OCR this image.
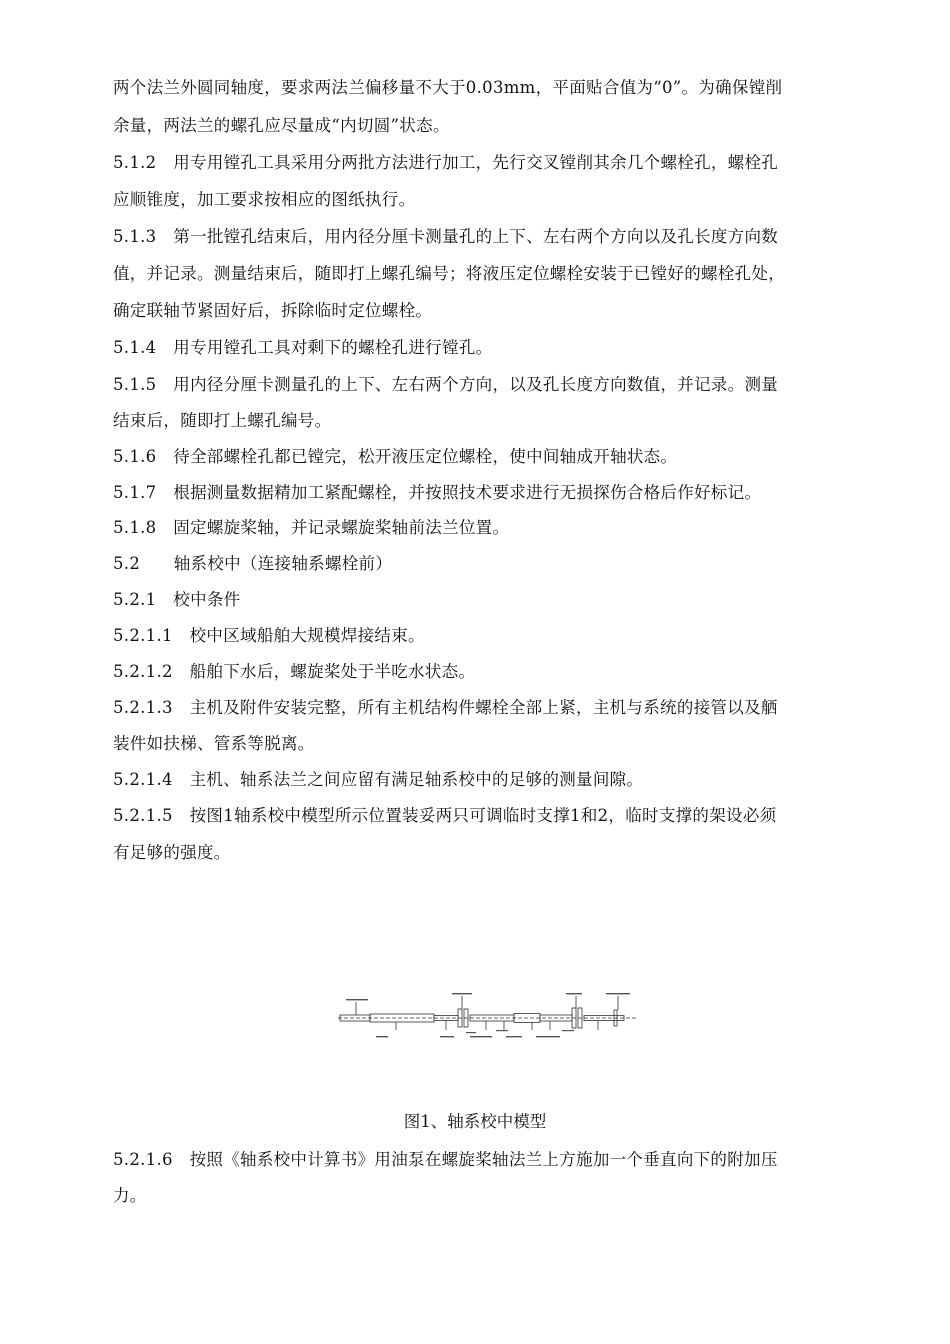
两个法兰外圆同轴度，要求两法兰偏移量不大于0.03mm，平面贴合值为“0”。为确保镗削
余量，两法兰的螺孔应尽量成“内切圆”状态。
5.1.2　用专用镗孔工具采用分两批方法进行加工，先行交叉镗削其余几个螺栓孔，螺栓孔
应顺锥度，加工要求按相应的图纸执行。
5.1.3　第一批镗孔结束后，用内径分厘卡测量孔的上下、左右两个方向以及孔长度方向数
值，并记录。测量结束后，随即打上螺孔编号；将液压定位螺栓安装于已镗好的螺栓孔处，
确定联轴节紧固好后，拆除临时定位螺栓。
5.1.4　用专用镗孔工具对剩下的螺栓孔进行镗孔。
5.1.5　用内径分厘卡测量孔的上下、左右两个方向，以及孔长度方向数值，并记录。测量
结束后，随即打上螺孔编号。
5.1.6　待全部螺栓孔都已镗完，松开液压定位螺栓，使中间轴成开轴状态。
5.1.7　根据测量数据精加工紧配螺栓，并按照技术要求进行无损探伤合格后作好标记。
5.1.8　固定螺旋桨轴，并记录螺旋桨轴前法兰位置。
5.2　　轴系校中（连接轴系螺栓前）
5.2.1　校中条件
5.2.1.1　校中区域船舶大规模焊接结束。
5.2.1.2　船舶下水后，螺旋桨处于半吃水状态。
5.2.1.3　主机及附件安装完整，所有主机结构件螺栓全部上紧，主机与系统的接管以及舾
装件如扶梯、管系等脱离。
5.2.1.4　主机、轴系法兰之间应留有满足轴系校中的足够的测量间隙。
5.2.1.5　按图1轴系校中模型所示位置装妥两只可调临时支撑1和2，临时支撑的架设必须
有足够的强度。
图1、轴系校中模型
5.2.1.6　按照《轴系校中计算书》用油泵在螺旋桨轴法兰上方施加一个垂直向下的附加压
力。
